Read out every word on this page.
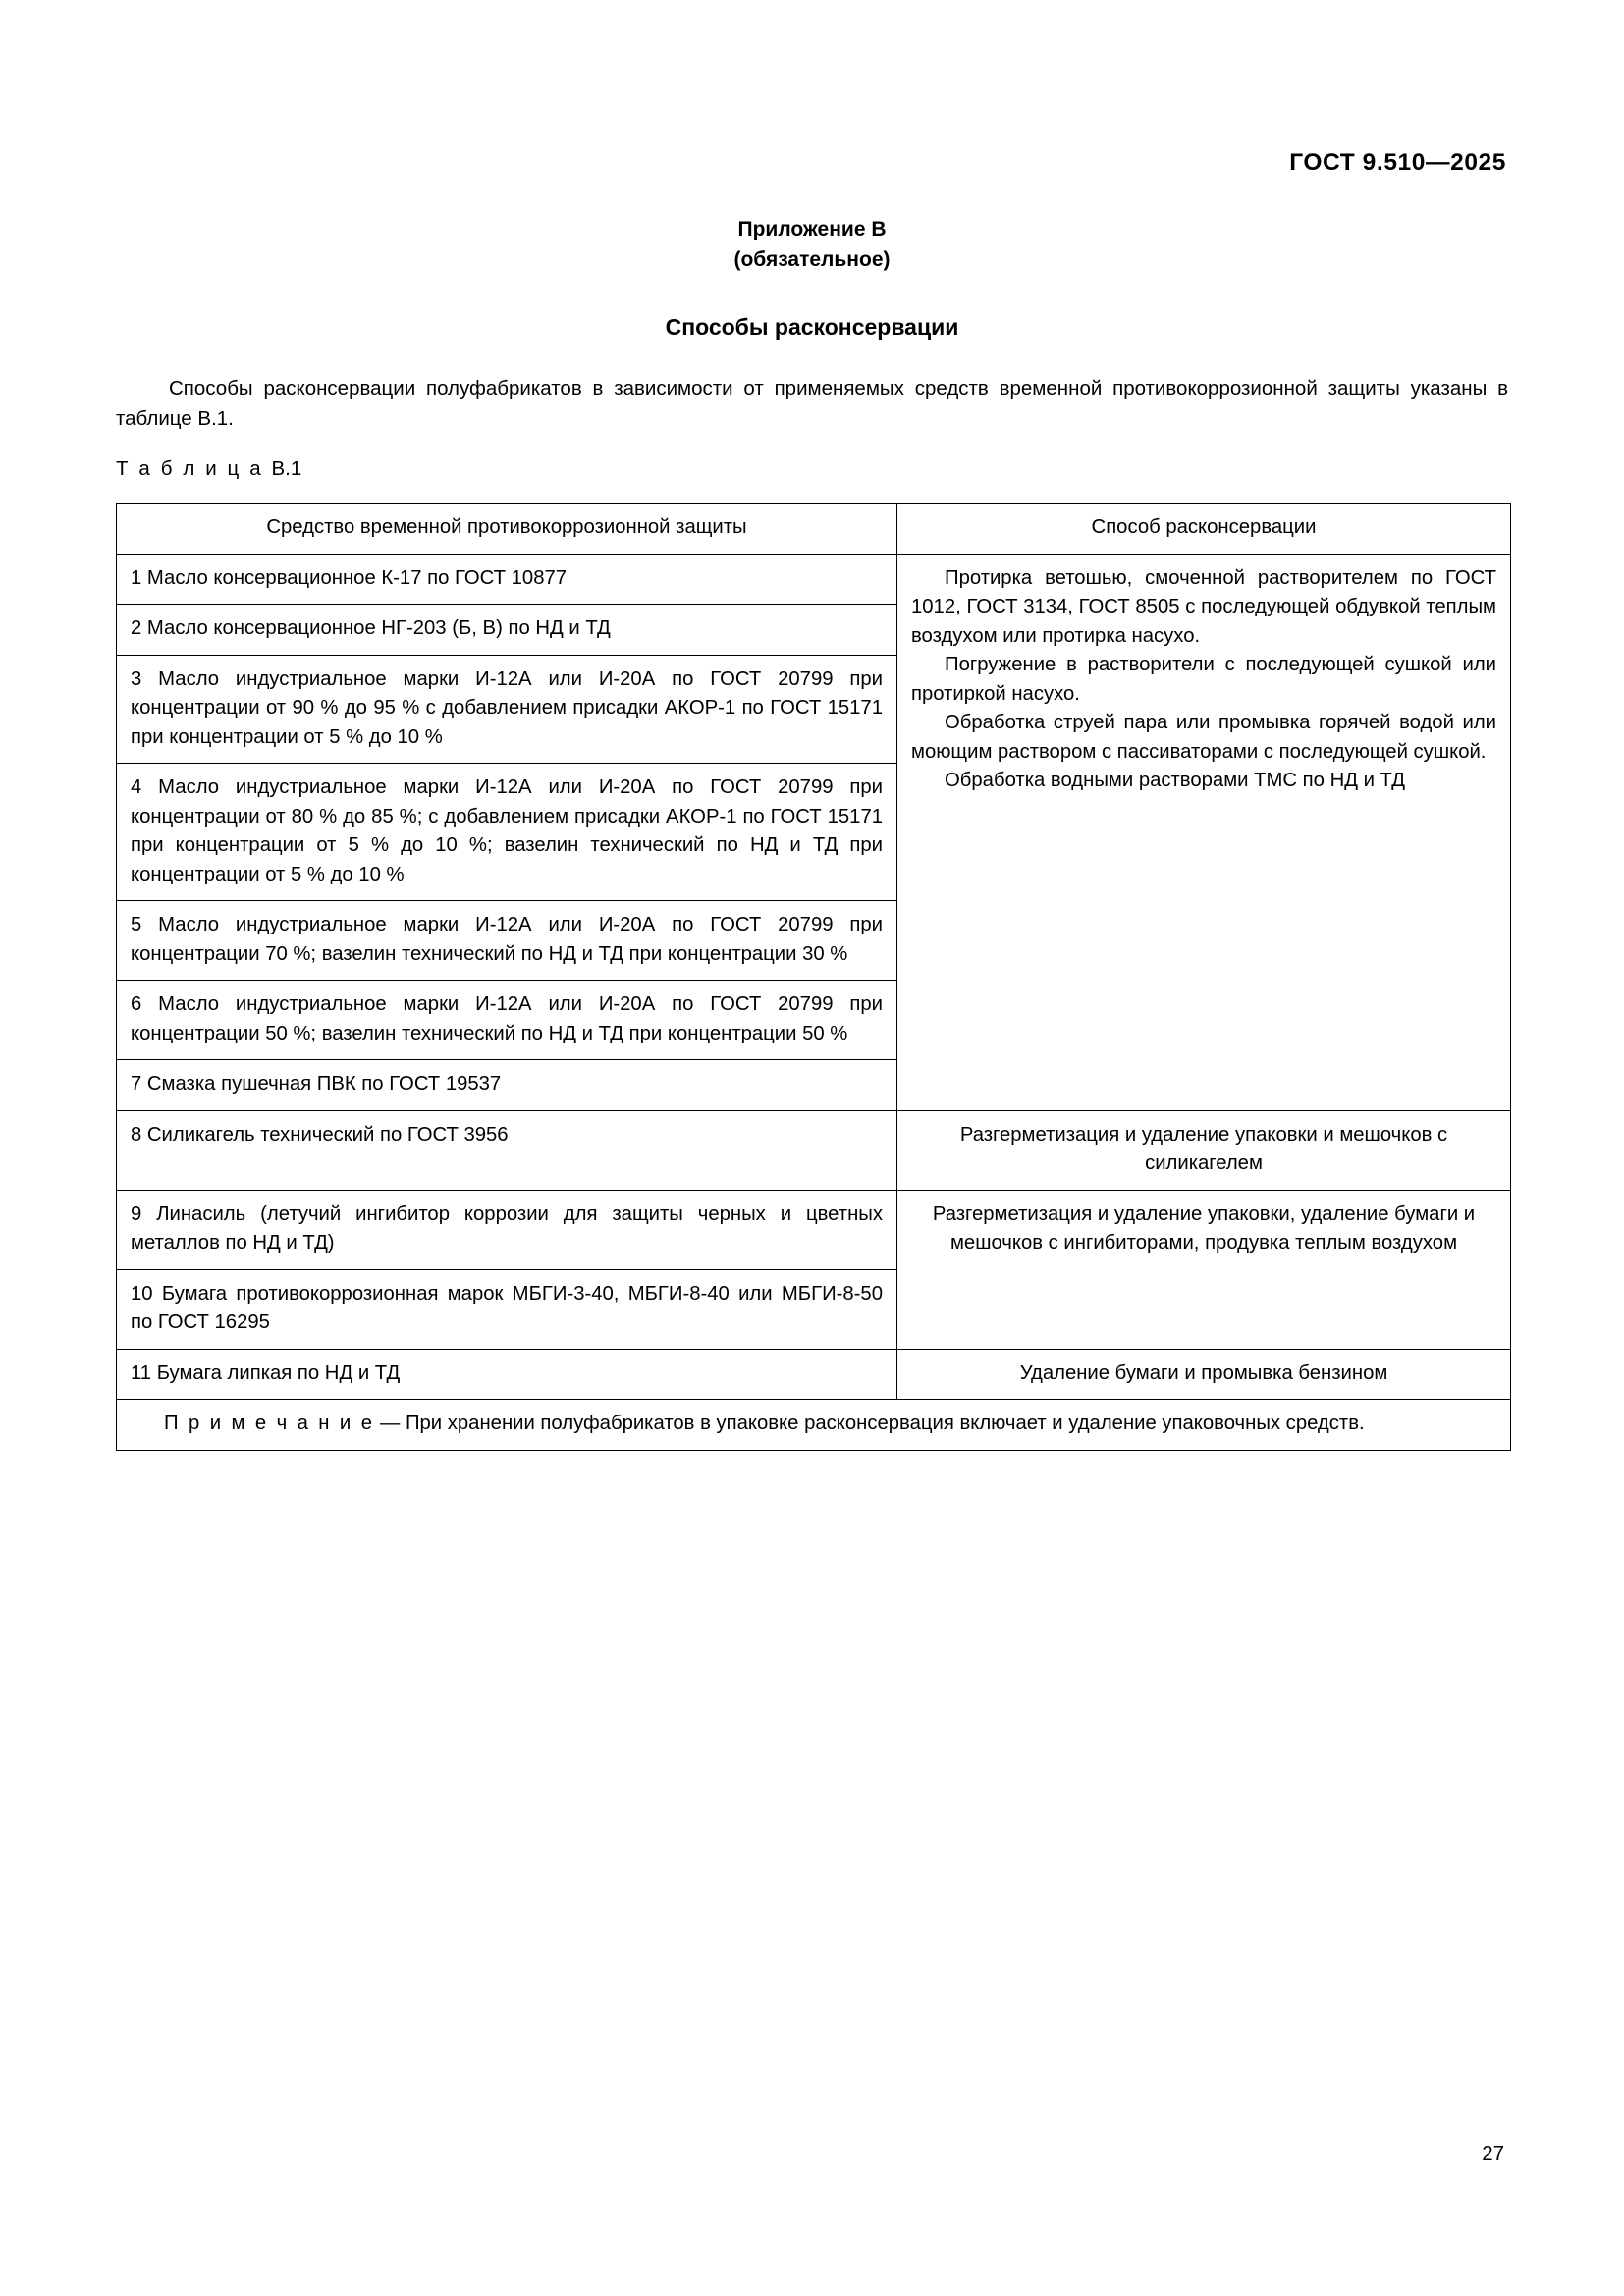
ГОСТ 9.510—2025
Приложение В
(обязательное)
Способы расконсервации
Способы расконсервации полуфабрикатов в зависимости от применяемых средств временной противокоррозионной защиты указаны в таблице В.1.
Т а б л и ц а В.1
Средство временной противокоррозионной защиты	Способ расконсервации
1 Масло консервационное К-17 по ГОСТ 10877	Протирка ветошью, смоченной растворителем по ГОСТ 1012, ГОСТ 3134, ГОСТ 8505 с последующей обдувкой теплым воздухом или протирка насухо.

Погружение в растворители с последующей сушкой или протиркой насухо.

Обработка струей пара или промывка горячей водой или моющим раствором с пассиваторами с последующей сушкой.

Обработка водными растворами ТМС по НД и ТД

2 Масло консервационное НГ-203 (Б, В) по НД и ТД	
3 Масло индустриальное марки И-12А или И-20А по ГОСТ 20799 при концентрации от 90 % до 95 % с добавлением присадки АКОР-1 по ГОСТ 15171 при концентрации от 5 % до 10 %	
4 Масло индустриальное марки И-12А или И-20А по ГОСТ 20799 при концентрации от 80 % до 85 %; с добавлением присадки АКОР-1 по ГОСТ 15171 при концентрации от 5 % до 10 %; вазелин технический по НД и ТД при концентрации от 5 % до 10 %	
5 Масло индустриальное марки И-12А или И-20А по ГОСТ 20799 при концентрации 70 %; вазелин технический по НД и ТД при концентрации 30 %	
6 Масло индустриальное марки И-12А или И-20А по ГОСТ 20799 при концентрации 50 %; вазелин технический по НД и ТД при концентрации 50 %	
7 Смазка пушечная ПВК по ГОСТ 19537	
8 Силикагель технический по ГОСТ 3956	Разгерметизация и удаление упаковки и мешочков с силикагелем
9 Линасиль (летучий ингибитор коррозии для защиты черных и цветных металлов по НД и ТД)	Разгерметизация и удаление упаковки, удаление бумаги и мешочков с ингибиторами, продувка теплым воздухом
10 Бумага противокоррозионная марок МБГИ-3-40, МБГИ-8-40 или МБГИ-8-50 по ГОСТ 16295	
11 Бумага липкая по НД и ТД	Удаление бумаги и промывка бензином
П р и м е ч а н и е — При хранении полуфабрикатов в упаковке расконсервация включает и удаление упаковочных средств.	
27
